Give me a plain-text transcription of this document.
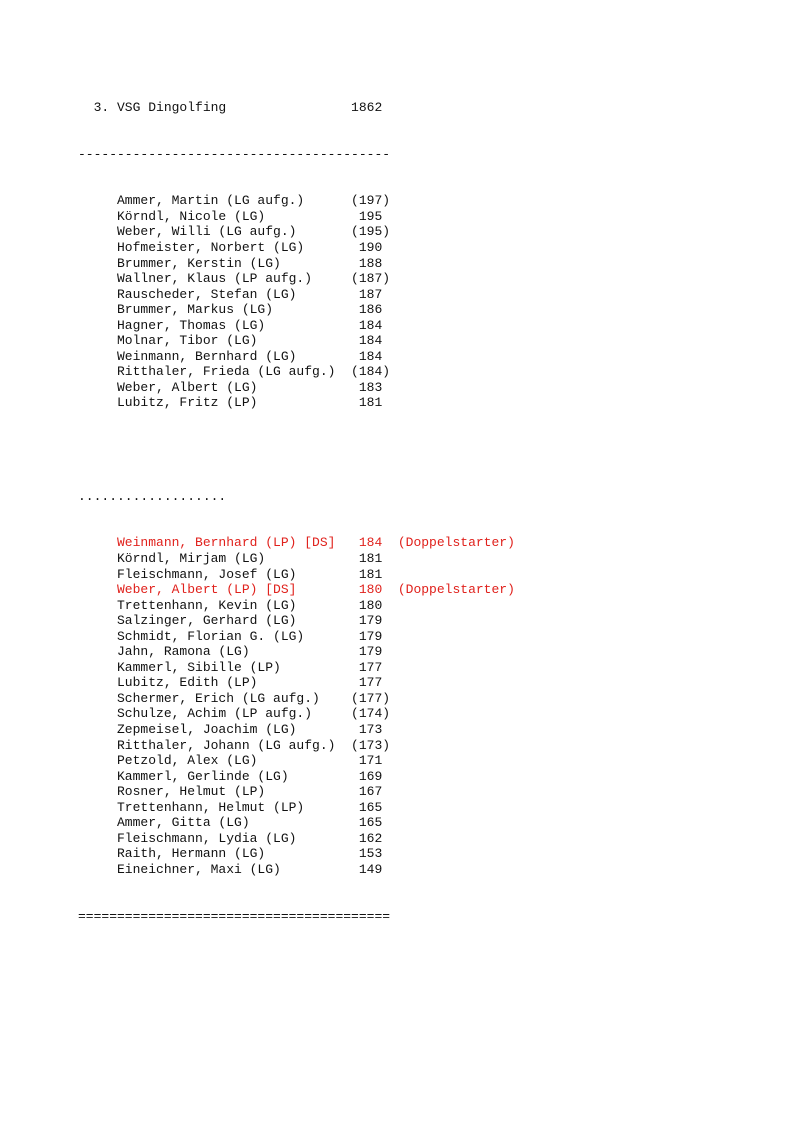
3. VSG Dingolfing                1862

----------------------------------------

Ammer, Martin (LG aufg.)      (197)
Körndl, Nicole (LG)            195
Weber, Willi (LG aufg.)       (195)
Hofmeister, Norbert (LG)       190
Brummer, Kerstin (LG)          188
Wallner, Klaus (LP aufg.)     (187)
Rauscheder, Stefan (LG)        187
Brummer, Markus (LG)           186
Hagner, Thomas (LG)            184
Molnar, Tibor (LG)             184
Weinmann, Bernhard (LG)        184
Ritthaler, Frieda (LG aufg.)  (184)
Weber, Albert (LG)             183
Lubitz, Fritz (LP)             181

...................

Weinmann, Bernhard (LP) [DS]   184  (Doppelstarter)
Körndl, Mirjam (LG)            181
Fleischmann, Josef (LG)        181
Weber, Albert (LP) [DS]        180  (Doppelstarter)
Trettenhann, Kevin (LG)        180
Salzinger, Gerhard (LG)        179
Schmidt, Florian G. (LG)       179
Jahn, Ramona (LG)              179
Kammerl, Sibille (LP)          177
Lubitz, Edith (LP)             177
Schermer, Erich (LG aufg.)    (177)
Schulze, Achim (LP aufg.)     (174)
Zepmeisel, Joachim (LG)        173
Ritthaler, Johann (LG aufg.)  (173)
Petzold, Alex (LG)             171
Kammerl, Gerlinde (LG)         169
Rosner, Helmut (LP)            167
Trettenhann, Helmut (LP)       165
Ammer, Gitta (LG)              165
Fleischmann, Lydia (LG)        162
Raith, Hermann (LG)            153
Eineichner, Maxi (LG)          149

========================================
